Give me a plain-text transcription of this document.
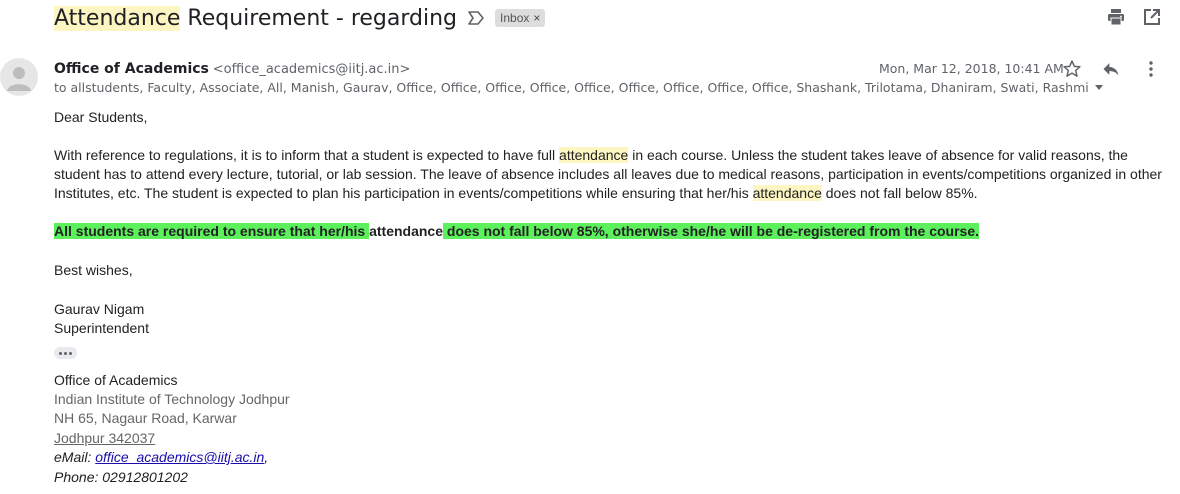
Attendance Requirement - regarding	Inbox ×
Office of Academics <office_academics@iitj.ac.in>	Mon, Mar 12, 2018, 10:41 AM
to allstudents, Faculty, Associate, All, Manish, Gaurav, Office, Office, Office, Office, Office, Office, Office, Office, Office, Shashank, Trilotama, Dhaniram, Swati, Rashmi
Dear Students,
With reference to regulations, it is to inform that a student is expected to have full attendance in each course. Unless the student takes leave of absence for valid reasons, the student has to attend every lecture, tutorial, or lab session. The leave of absence includes all leaves due to medical reasons, participation in events/competitions organized in other Institutes, etc. The student is expected to plan his participation in events/competitions while ensuring that her/his attendance does not fall below 85%.
All students are required to ensure that her/his attendance does not fall below 85%, otherwise she/he will be de-registered from the course.
Best wishes,
Gaurav Nigam
Superintendent
Office of Academics
Indian Institute of Technology Jodhpur
NH 65, Nagaur Road, Karwar
Jodhpur 342037
eMail: office_academics@iitj.ac.in,
Phone: 02912801202
